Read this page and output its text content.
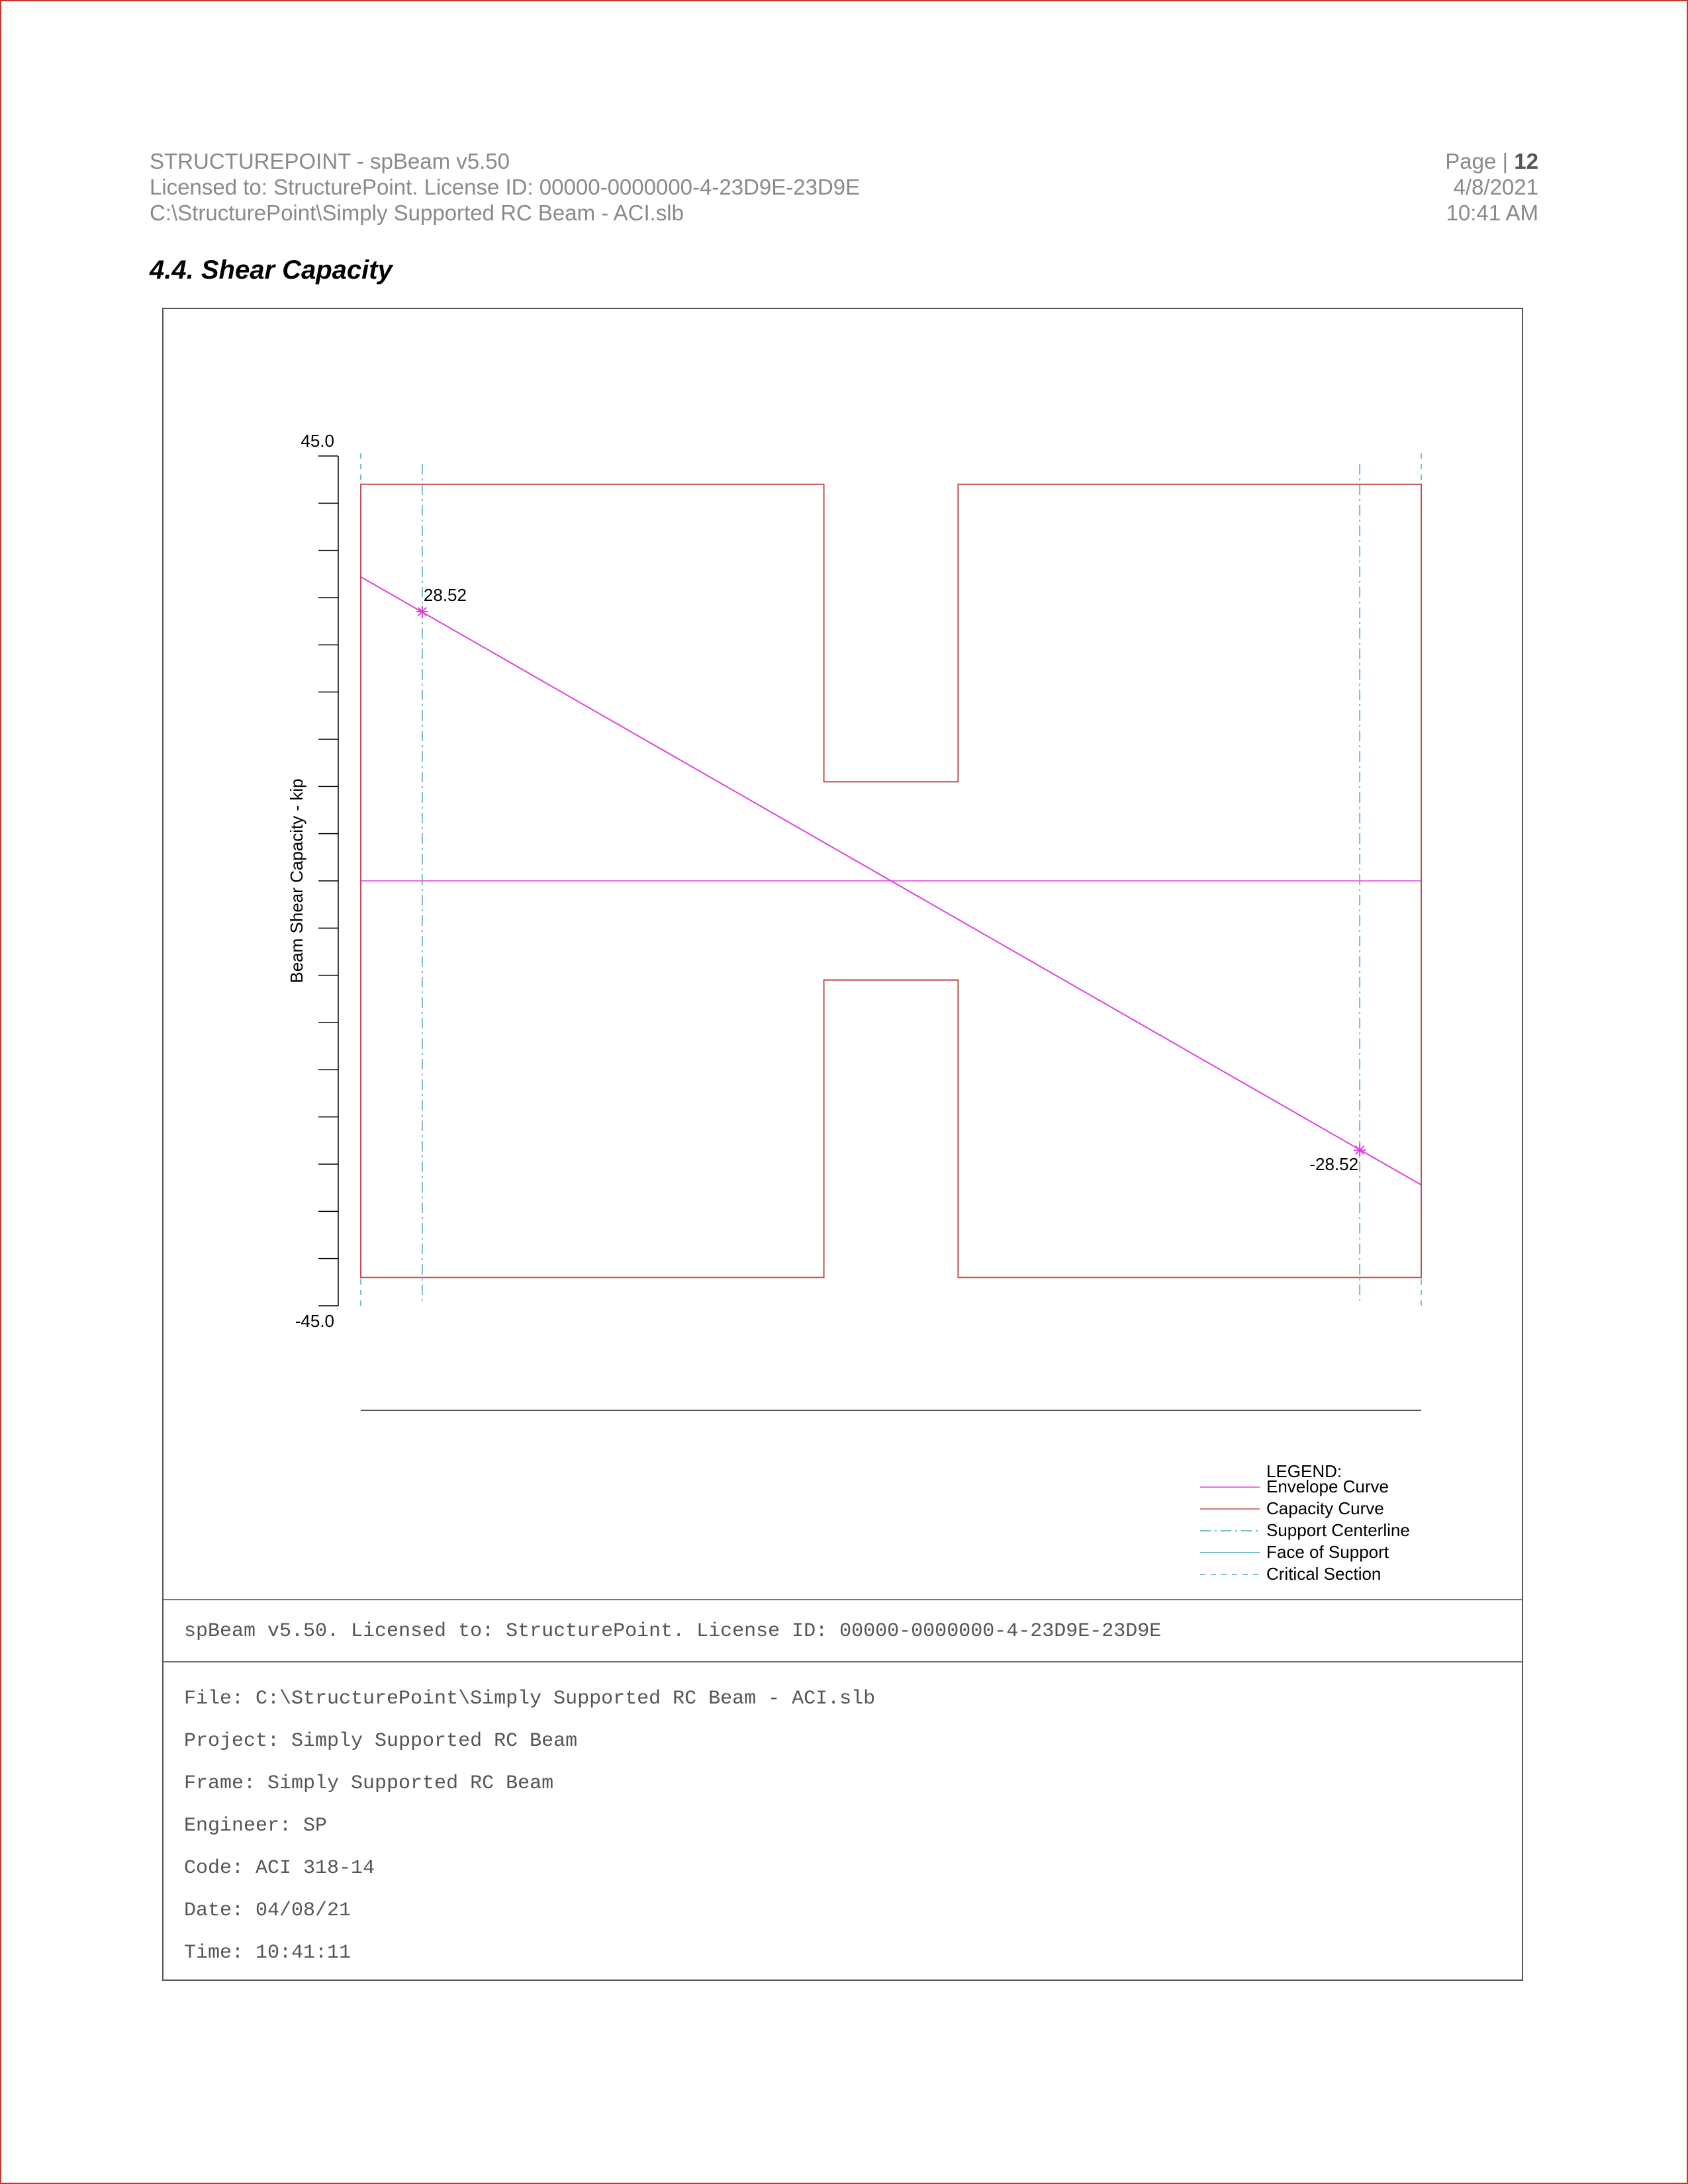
STRUCTUREPOINT - spBeam v5.50
Licensed to: StructurePoint. License ID: 00000-0000000-4-23D9E-23D9E
C:\StructurePoint\Simply Supported RC Beam - ACI.slb
Page | 12
4/8/2021
10:41 AM
4.4. Shear Capacity
45.0
-45.0
Beam Shear Capacity - kip
28.52
-28.52
LEGEND:
Envelope Curve
Capacity Curve
Support Centerline
Face of Support
Critical Section
spBeam v5.50. Licensed to: StructurePoint. License ID: 00000-0000000-4-23D9E-23D9E
File: C:\StructurePoint\Simply Supported RC Beam - ACI.slb
Project: Simply Supported RC Beam
Frame: Simply Supported RC Beam
Engineer: SP
Code: ACI 318-14
Date: 04/08/21
Time: 10:41:11
